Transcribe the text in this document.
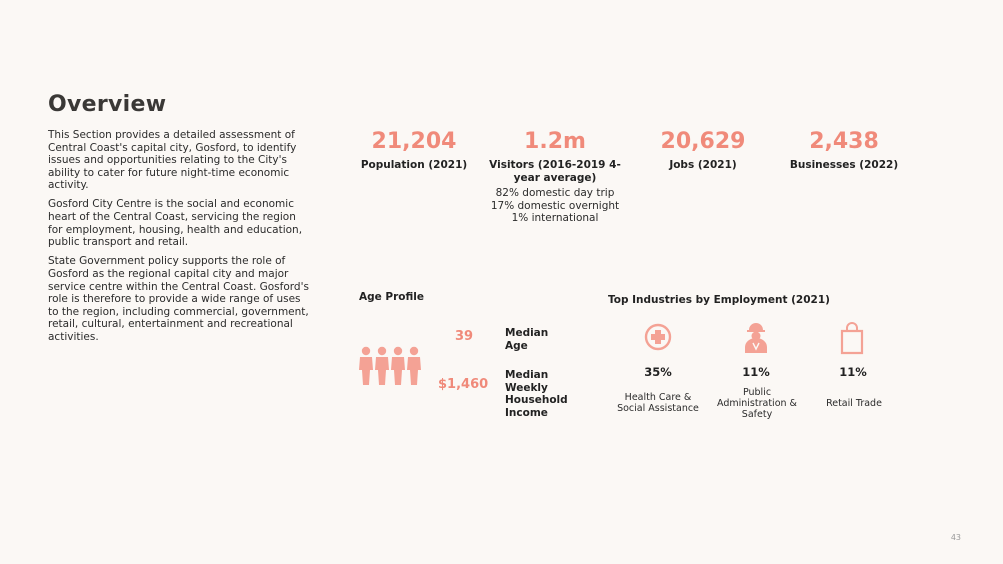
Overview

This Section provides a detailed assessment of Central Coast's capital city, Gosford, to identify issues and opportunities relating to the City's ability to cater for future night-time economic activity.

Gosford City Centre is the social and economic heart of the Central Coast, servicing the region for employment, housing, health and education, public transport and retail.

State Government policy supports the role of Gosford as the regional capital city and major service centre within the Central Coast. Gosford's role is therefore to provide a wide range of uses to the region, including commercial, government, retail, cultural, entertainment and recreational activities.

21,204
Population (2021)
1.2m
Visitors (2016-2019 4-year average)
82% domestic day trip
17% domestic overnight
1% international
20,629
Jobs (2021)
2,438
Businesses (2022)
Age Profile
39	Median Age
$1,460
Median Weekly Household Income
Top Industries by Employment (2021)
35%	11%	11%
Health Care & Social Assistance
Public Administration & Safety
Retail Trade
43
